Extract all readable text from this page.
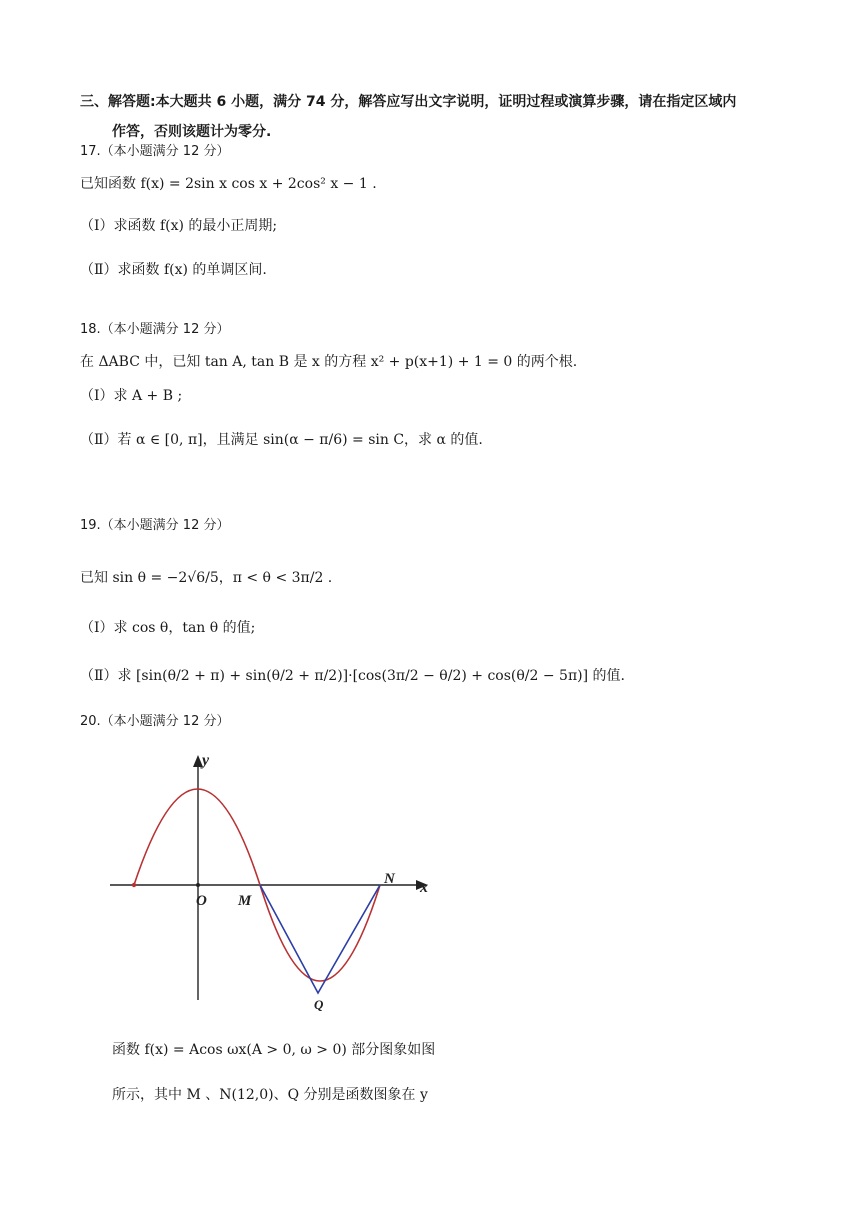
三、解答题:本大题共 6 小题，满分 74 分，解答应写出文字说明，证明过程或演算步骤，请在指定区域内
作答，否则该题计为零分.
17.（本小题满分 12 分）
已知函数 f(x) = 2sin x cos x + 2cos² x − 1 .
（Ⅰ）求函数 f(x) 的最小正周期;
（Ⅱ）求函数 f(x) 的单调区间.
18.（本小题满分 12 分）
在 ΔABC 中，已知 tan A, tan B 是 x 的方程 x² + p(x+1) + 1 = 0 的两个根.
（Ⅰ）求 A + B ;
（Ⅱ）若 α ∈ [0, π]，且满足 sin(α − π/6) = sin C，求 α 的值.
19.（本小题满分 12 分）
已知 sin θ = −2√6/5，π < θ < 3π/2 .
（Ⅰ）求 cos θ，tan θ 的值;
（Ⅱ）求 [sin(θ/2 + π) + sin(θ/2 + π/2)]·[cos(3π/2 − θ/2) + cos(θ/2 − 5π)] 的值.
20.（本小题满分 12 分）
y
x
O M
N
Q
函数 f(x) = Acos ωx(A > 0, ω > 0) 部分图象如图
所示，其中 M 、N(12,0)、Q 分别是函数图象在 y
